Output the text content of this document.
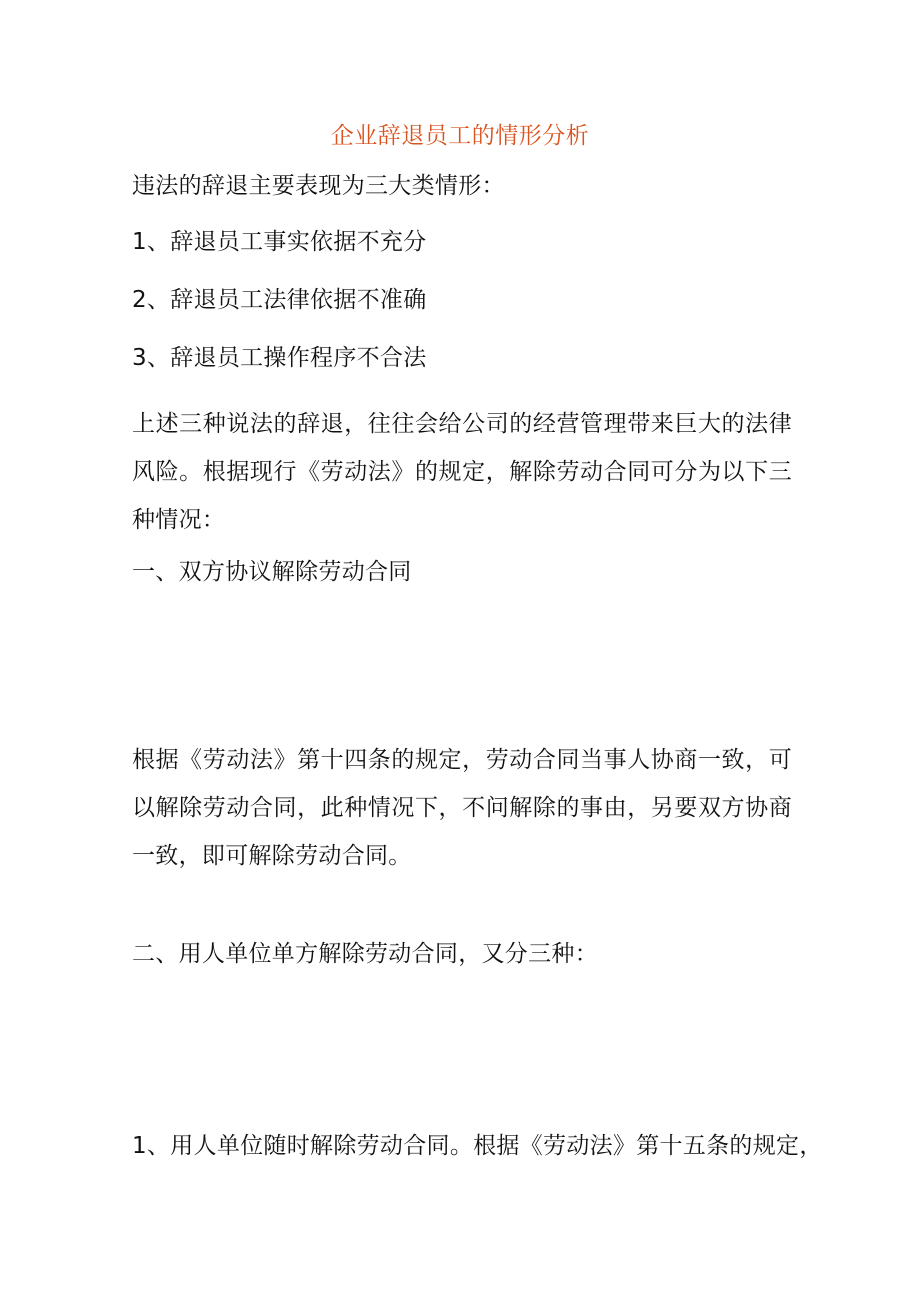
企业辞退员工的情形分析
违法的辞退主要表现为三大类情形：
1、辞退员工事实依据不充分
2、辞退员工法律依据不准确
3、辞退员工操作程序不合法
上述三种说法的辞退，往往会给公司的经营管理带来巨大的法律风险。根据现行《劳动法》的规定，解除劳动合同可分为以下三种情况：
一、双方协议解除劳动合同
根据《劳动法》第十四条的规定，劳动合同当事人协商一致，可以解除劳动合同，此种情况下，不问解除的事由，另要双方协商一致，即可解除劳动合同。
二、用人单位单方解除劳动合同，又分三种：
1、用人单位随时解除劳动合同。根据《劳动法》第十五条的规定，
